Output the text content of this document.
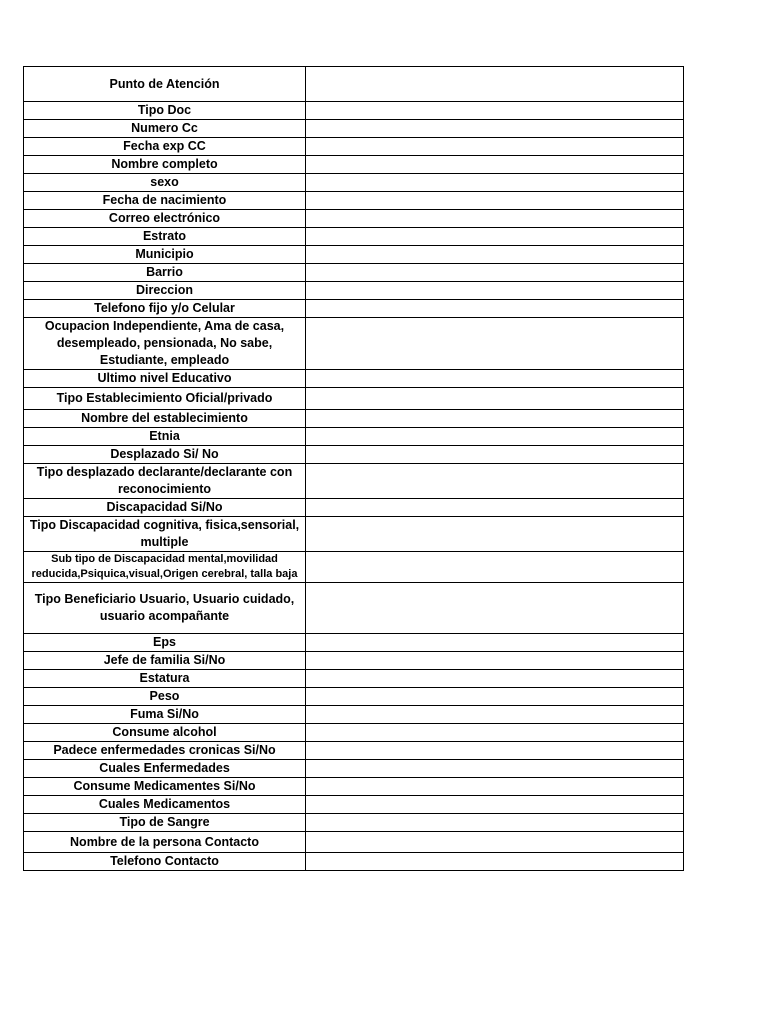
Punto de Atención	
Tipo Doc	
Numero Cc	
Fecha exp CC	
Nombre completo	
sexo	
Fecha de nacimiento	
Correo electrónico	
Estrato	
Municipio	
Barrio	
Direccion	
Telefono fijo y/o Celular	
Ocupacion Independiente, Ama de casa, desempleado, pensionada, No sabe, Estudiante, empleado	
Ultimo nivel Educativo	
Tipo Establecimiento Oficial/privado	
Nombre del establecimiento	
Etnia	
Desplazado Si/ No	
Tipo desplazado declarante/declarante con reconocimiento	
Discapacidad Si/No	
Tipo Discapacidad cognitiva, fisica,sensorial, multiple	
Sub tipo de Discapacidad mental,movilidad reducida,Psiquica,visual,Origen cerebral, talla baja	
Tipo Beneficiario Usuario, Usuario cuidado, usuario acompañante	
Eps	
Jefe de familia Si/No	
Estatura	
Peso	
Fuma Si/No	
Consume alcohol	
Padece enfermedades cronicas Si/No	
Cuales Enfermedades	
Consume Medicamentes Si/No	
Cuales Medicamentos	
Tipo de Sangre	
Nombre de la persona Contacto	
Telefono Contacto	
